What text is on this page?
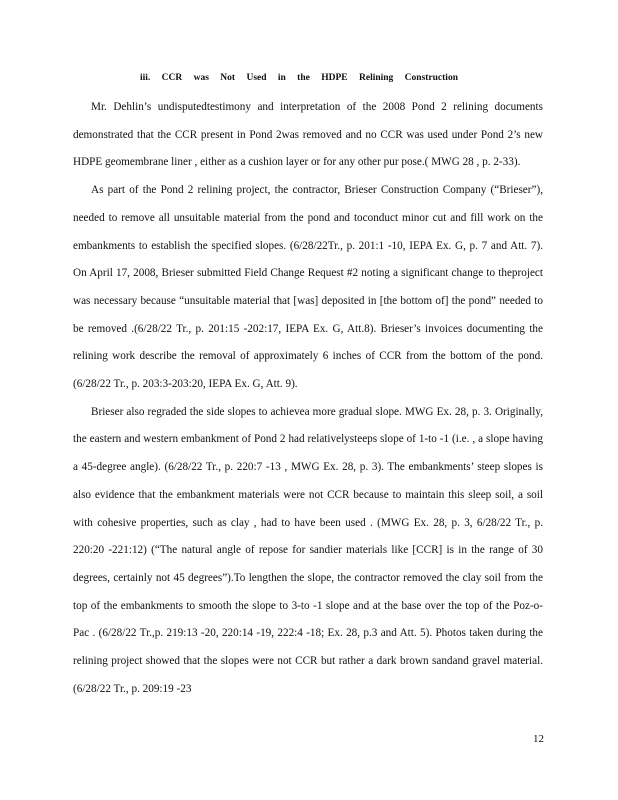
iii. CCR was Not Used in the HDPE Relining Construction

Mr. Dehlin’s undisputedtestimony and interpretation of the 2008 Pond 2 relining documents demonstrated that the CCR present in Pond 2was removed and no CCR was used under Pond 2’s new HDPE geomembrane liner , either as a cushion layer or for any other pur pose.( MWG 28 , p. 2-33).

As part of the Pond 2 relining project, the contractor, Brieser Construction Company (“Brieser”), needed to remove all unsuitable material from the pond and toconduct minor cut and fill work on the embankments to establish the specified slopes. (6/28/22Tr., p. 201:1 -10, IEPA Ex. G, p. 7 and Att. 7). On April 17, 2008, Brieser submitted Field Change Request #2 noting a significant change to theproject was necessary because “unsuitable material that [was] deposited in [the bottom of] the pond” needed to be removed .(6/28/22 Tr., p. 201:15 -202:17, IEPA Ex. G, Att.8). Brieser’s invoices documenting the relining work describe the removal of approximately 6 inches of CCR from the bottom of the pond. (6/28/22 Tr., p. 203:3-203:20, IEPA Ex. G, Att. 9).

Brieser also regraded the side slopes to achievea more gradual slope. MWG Ex. 28, p. 3. Originally, the eastern and western embankment of Pond 2 had relativelysteeps slope of 1-to -1 (i.e. , a slope having a 45-degree angle). (6/28/22 Tr., p. 220:7 -13 , MWG Ex. 28, p. 3). The embankments’ steep slopes is also evidence that the embankment materials were not CCR because to maintain this sleep soil, a soil with cohesive properties, such as clay , had to have been used . (MWG Ex. 28, p. 3, 6/28/22 Tr., p. 220:20 -221:12) (“The natural angle of repose for sandier materials like [CCR] is in the range of 30 degrees, certainly not 45 degrees”).To lengthen the slope, the contractor removed the clay soil from the top of the embankments to smooth the slope to 3-to -1 slope and at the base over the top of the Poz-o- Pac . (6/28/22 Tr.,p. 219:13 -20, 220:14 -19, 222:4 -18; Ex. 28, p.3 and Att. 5). Photos taken during the relining project showed that the slopes were not CCR but rather a dark brown sandand gravel material. (6/28/22 Tr., p. 209:19 -23

12
